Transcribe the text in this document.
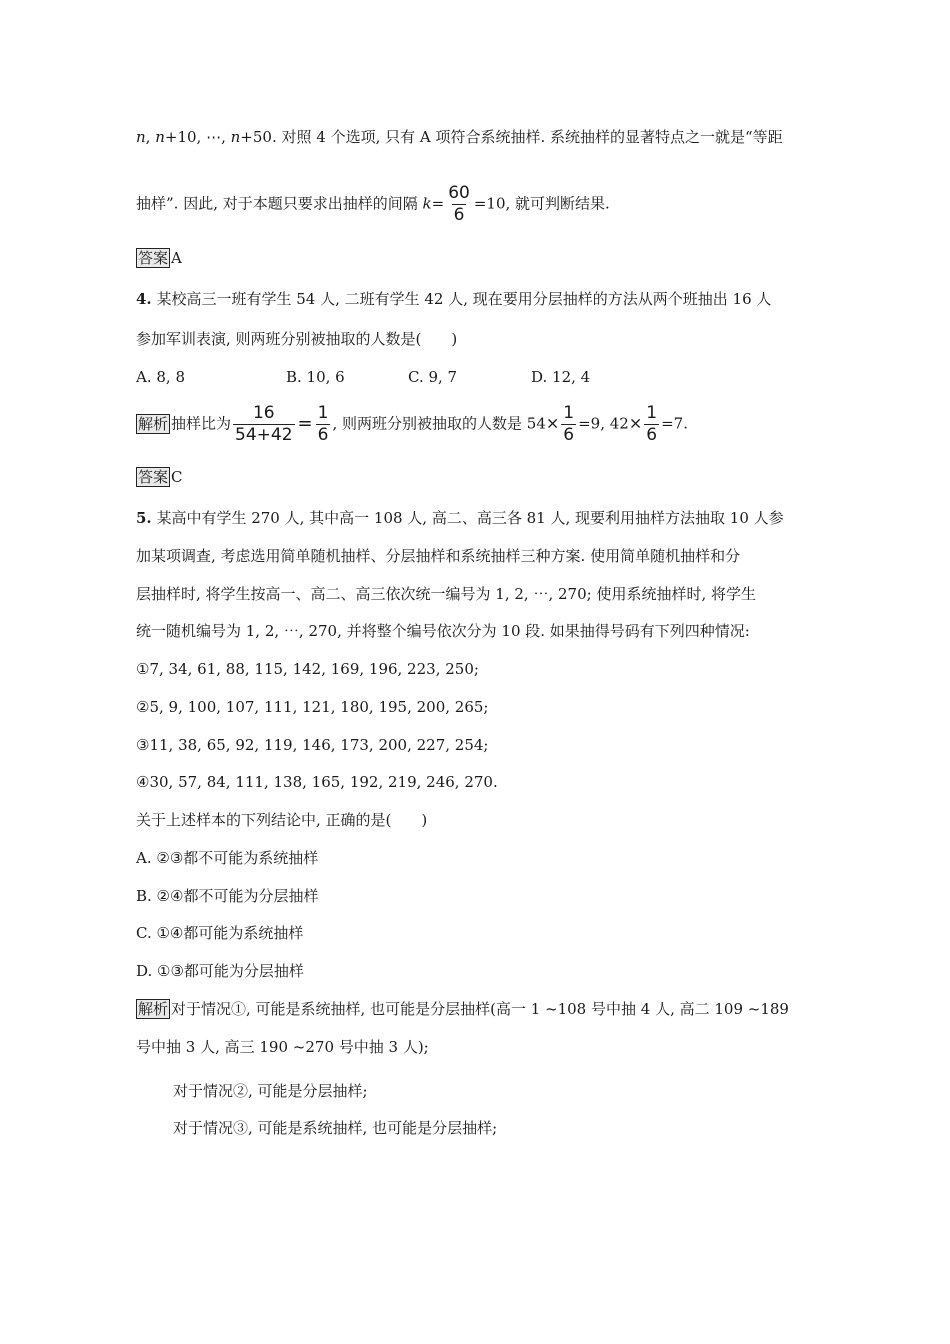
n, n+10, ⋯, n+50. 对照 4 个选项, 只有 A 项符合系统抽样. 系统抽样的显著特点之一就是“等距
抽样”. 因此, 对于本题只要求出抽样的间隔 $k= \frac{60}{6} =10$, 就可判断结果.
答案 A
4. 某校高三一班有学生 54 人, 二班有学生 42 人, 现在要用分层抽样的方法从两个班抽出 16 人
参加军训表演, 则两班分别被抽取的人数是(　　)
A. 8, 8	B. 10, 6	C. 9, 7	D. 12, 4
解析 抽样比为 $\frac{16}{54+42} = \frac{1}{6}$ , 则两班分别被抽取的人数是 $54\times \frac{1}{6} =9$, $42\times \frac{1}{6} =7$.
答案 C
5. 某高中有学生 270 人, 其中高一 108 人, 高二、高三各 81 人, 现要利用抽样方法抽取 10 人参
加某项调查, 考虑选用简单随机抽样、分层抽样和系统抽样三种方案. 使用简单随机抽样和分
层抽样时, 将学生按高一、高二、高三依次统一编号为 1, 2, ⋯, 270; 使用系统抽样时, 将学生
统一随机编号为 1, 2, ⋯, 270, 并将整个编号依次分为 10 段. 如果抽得号码有下列四种情况:
①7, 34, 61, 88, 115, 142, 169, 196, 223, 250;
②5, 9, 100, 107, 111, 121, 180, 195, 200, 265;
③11, 38, 65, 92, 119, 146, 173, 200, 227, 254;
④30, 57, 84, 111, 138, 165, 192, 219, 246, 270.
关于上述样本的下列结论中, 正确的是(　　)
A. ②③都不可能为系统抽样
B. ②④都不可能为分层抽样
C. ①④都可能为系统抽样
D. ①③都可能为分层抽样
解析 对于情况①, 可能是系统抽样, 也可能是分层抽样(高一 1 ~108 号中抽 4 人, 高二 109 ~189
号中抽 3 人, 高三 190 ~270 号中抽 3 人);
对于情况②, 可能是分层抽样;
对于情况③, 可能是系统抽样, 也可能是分层抽样;
